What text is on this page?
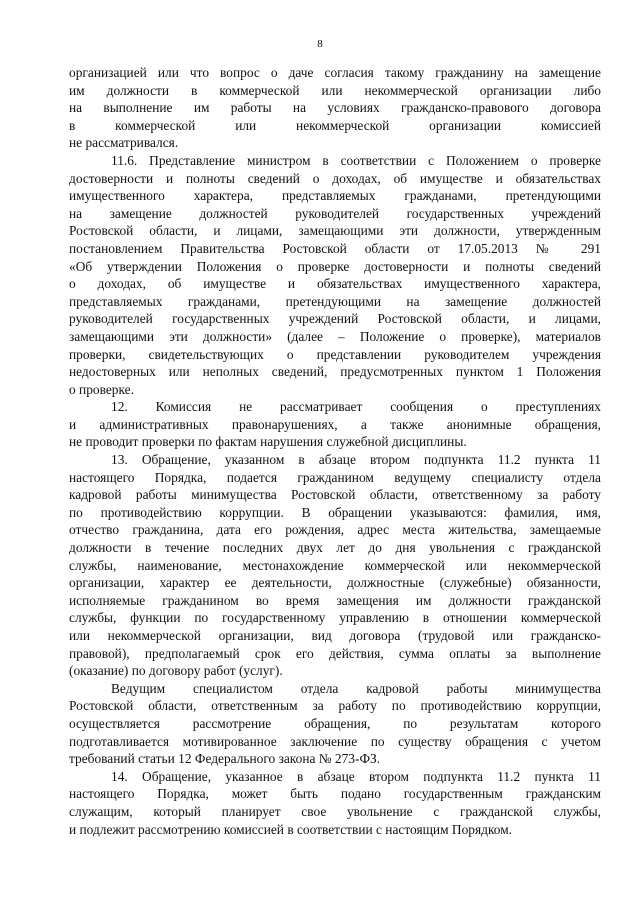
8
организацией или что вопрос о даче согласия такому гражданину на замещение
им должности в коммерческой или некоммерческой организации либо
на выполнение им работы на условиях гражданско-правового договора
в коммерческой или некоммерческой организации комиссией
не рассматривался.
11.6. Представление министром в соответствии с Положением о проверке
достоверности и полноты сведений о доходах, об имуществе и обязательствах
имущественного характера, представляемых гражданами, претендующими
на замещение должностей руководителей государственных учреждений
Ростовской области, и лицами, замещающими эти должности, утвержденным
постановлением Правительства Ростовской области от 17.05.2013 № 291
«Об утверждении Положения о проверке достоверности и полноты сведений
о доходах, об имуществе и обязательствах имущественного характера,
представляемых гражданами, претендующими на замещение должностей
руководителей государственных учреждений Ростовской области, и лицами,
замещающими эти должности» (далее – Положение о проверке), материалов
проверки, свидетельствующих о представлении руководителем учреждения
недостоверных или неполных сведений, предусмотренных пунктом 1 Положения
о проверке.
12. Комиссия не рассматривает сообщения о преступлениях
и административных правонарушениях, а также анонимные обращения,
не проводит проверки по фактам нарушения служебной дисциплины.
13. Обращение, указанном в абзаце втором подпункта 11.2 пункта 11
настоящего Порядка, подается гражданином ведущему специалисту отдела
кадровой работы минимущества Ростовской области, ответственному за работу
по противодействию коррупции. В обращении указываются: фамилия, имя,
отчество гражданина, дата его рождения, адрес места жительства, замещаемые
должности в течение последних двух лет до дня увольнения с гражданской
службы, наименование, местонахождение коммерческой или некоммерческой
организации, характер ее деятельности, должностные (служебные) обязанности,
исполняемые гражданином во время замещения им должности гражданской
службы, функции по государственному управлению в отношении коммерческой
или некоммерческой организации, вид договора (трудовой или гражданско-
правовой), предполагаемый срок его действия, сумма оплаты за выполнение
(оказание) по договору работ (услуг).
Ведущим специалистом отдела кадровой работы минимущества
Ростовской области, ответственным за работу по противодействию коррупции,
осуществляется рассмотрение обращения, по результатам которого
подготавливается мотивированное заключение по существу обращения с учетом
требований статьи 12 Федерального закона № 273-ФЗ.
14. Обращение, указанное в абзаце втором подпункта 11.2 пункта 11
настоящего Порядка, может быть подано государственным гражданским
служащим, который планирует свое увольнение с гражданской службы,
и подлежит рассмотрению комиссией в соответствии с настоящим Порядком.
